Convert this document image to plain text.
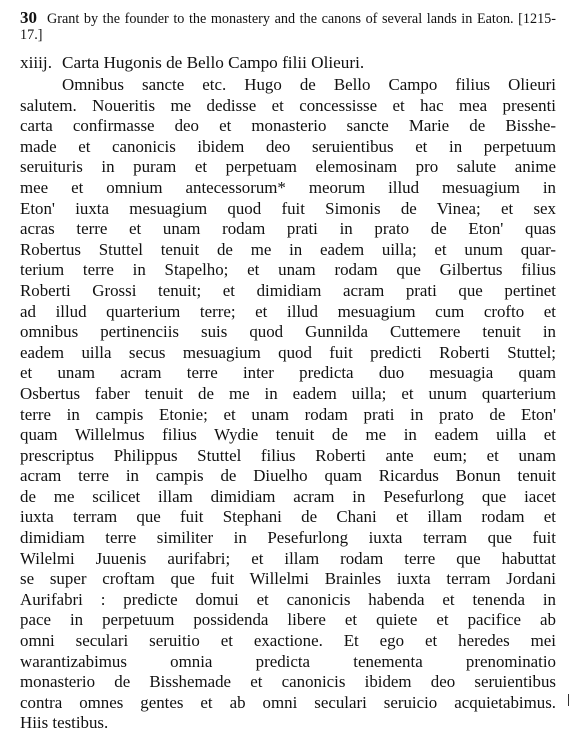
30 Grant by the founder to the monastery and the canons of several lands in Eaton. [1215-17.]
xiiij. Carta Hugonis de Bello Campo filii Olieuri.
Omnibus sancte etc. Hugo de Bello Campo filius Olieuri
salutem. Noueritis me dedisse et concessisse et hac mea presenti
carta confirmasse deo et monasterio sancte Marie de Bisshe-
made et canonicis ibidem deo seruientibus et in perpetuum
seruituris in puram et perpetuam elemosinam pro salute anime
mee et omnium antecessorum* meorum illud mesuagium in
Eton' iuxta mesuagium quod fuit Simonis de Vinea; et sex
acras terre et unam rodam prati in prato de Eton' quas
Robertus Stuttel tenuit de me in eadem uilla; et unum quar-
terium terre in Stapelho; et unam rodam que Gilbertus filius
Roberti Grossi tenuit; et dimidiam acram prati que pertinet
ad illud quarterium terre; et illud mesuagium cum crofto et
omnibus pertinenciis suis quod Gunnilda Cuttemere tenuit in
eadem uilla secus mesuagium quod fuit predicti Roberti Stuttel;
et unam acram terre inter predicta duo mesuagia quam
Osbertus faber tenuit de me in eadem uilla; et unum quarterium
terre in campis Etonie; et unam rodam prati in prato de Eton'
quam Willelmus filius Wydie tenuit de me in eadem uilla et
prescriptus Philippus Stuttel filius Roberti ante eum; et unam
acram terre in campis de Diuelho quam Ricardus Bonun tenuit
de me scilicet illam dimidiam acram in Pesefurlong que iacet
iuxta terram que fuit Stephani de Chani et illam rodam et
dimidiam terre similiter in Pesefurlong iuxta terram que fuit
Wilelmi Juuenis aurifabri; et illam rodam terre que habuttat
se super croftam que fuit Willelmi Brainles iuxta terram Jordani
Aurifabri : predicte domui et canonicis habenda et tenenda in
pace in perpetuum possidenda libere et quiete et pacifice ab
omni seculari seruitio et exactione. Et ego et heredes mei
warantizabimus omnia predicta tenementa prenominatio
monasterio de Bisshemade et canonicis ibidem deo seruientibus
contra omnes gentes et ab omni seculari seruicio acquietabimus.
Hiis testibus.
